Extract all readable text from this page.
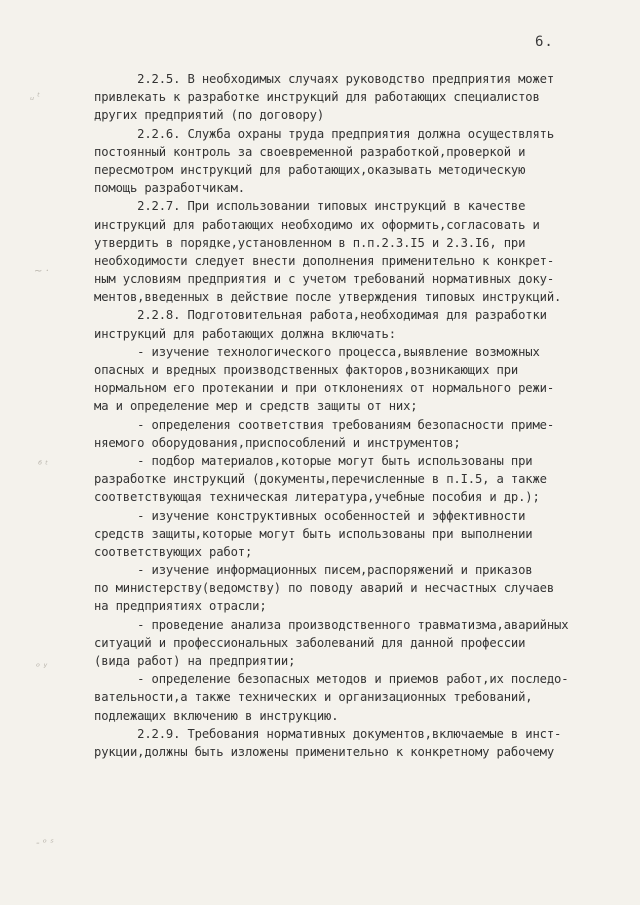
6.
ᵤ ᵗ
~ ·
⁶ ᵗ
ᵒ ʸ
- ᵒ ˢ
2.2.5. В необходимых случаях руководство предприятия может
привлекать к разработке инструкций для работающих специалистов
других предприятий (по договору)
2.2.6. Служба охраны труда предприятия должна осуществлять
постоянный контроль за своевременной разработкой,проверкой и
пересмотром инструкций для работающих,оказывать методическую
помощь разработчикам.
2.2.7. При использовании типовых инструкций в качестве
инструкций для работающих необходимо их оформить,согласовать и
утвердить в порядке,установленном в п.п.2.3.I5 и 2.3.I6, при
необходимости следует внести дополнения применительно к конкрет-
ным условиям предприятия и с учетом требований нормативных доку-
ментов,введенных в действие после утверждения типовых инструкций.
2.2.8. Подготовительная работа,необходимая для разработки
инструкций для работающих должна включать:
- изучение технологического процесса,выявление возможных
опасных и вредных производственных факторов,возникающих при
нормальном его протекании и при отклонениях от нормального режи-
ма и определение мер и средств защиты от них;
- определения соответствия требованиям безопасности приме-
няемого оборудования,приспособлений и инструментов;
- подбор материалов,которые могут быть использованы при
разработке инструкций (документы,перечисленные в п.I.5, а также
соответствующая техническая литература,учебные пособия и др.);
- изучение конструктивных особенностей и эффективности
средств защиты,которые могут быть использованы при выполнении
соответствующих работ;
- изучение информационных писем,распоряжений и приказов
по министерству(ведомству) по поводу аварий и несчастных случаев
на предприятиях отрасли;
- проведение анализа производственного травматизма,аварийных
ситуаций и профессиональных заболеваний для данной профессии
(вида работ) на предприятии;
- определение безопасных методов и приемов работ,их последо-
вательности,а также технических и организационных требований,
подлежащих включению в инструкцию.
2.2.9. Требования нормативных документов,включаемые в инст-
рукции,должны быть изложены применительно к конкретному рабочему
